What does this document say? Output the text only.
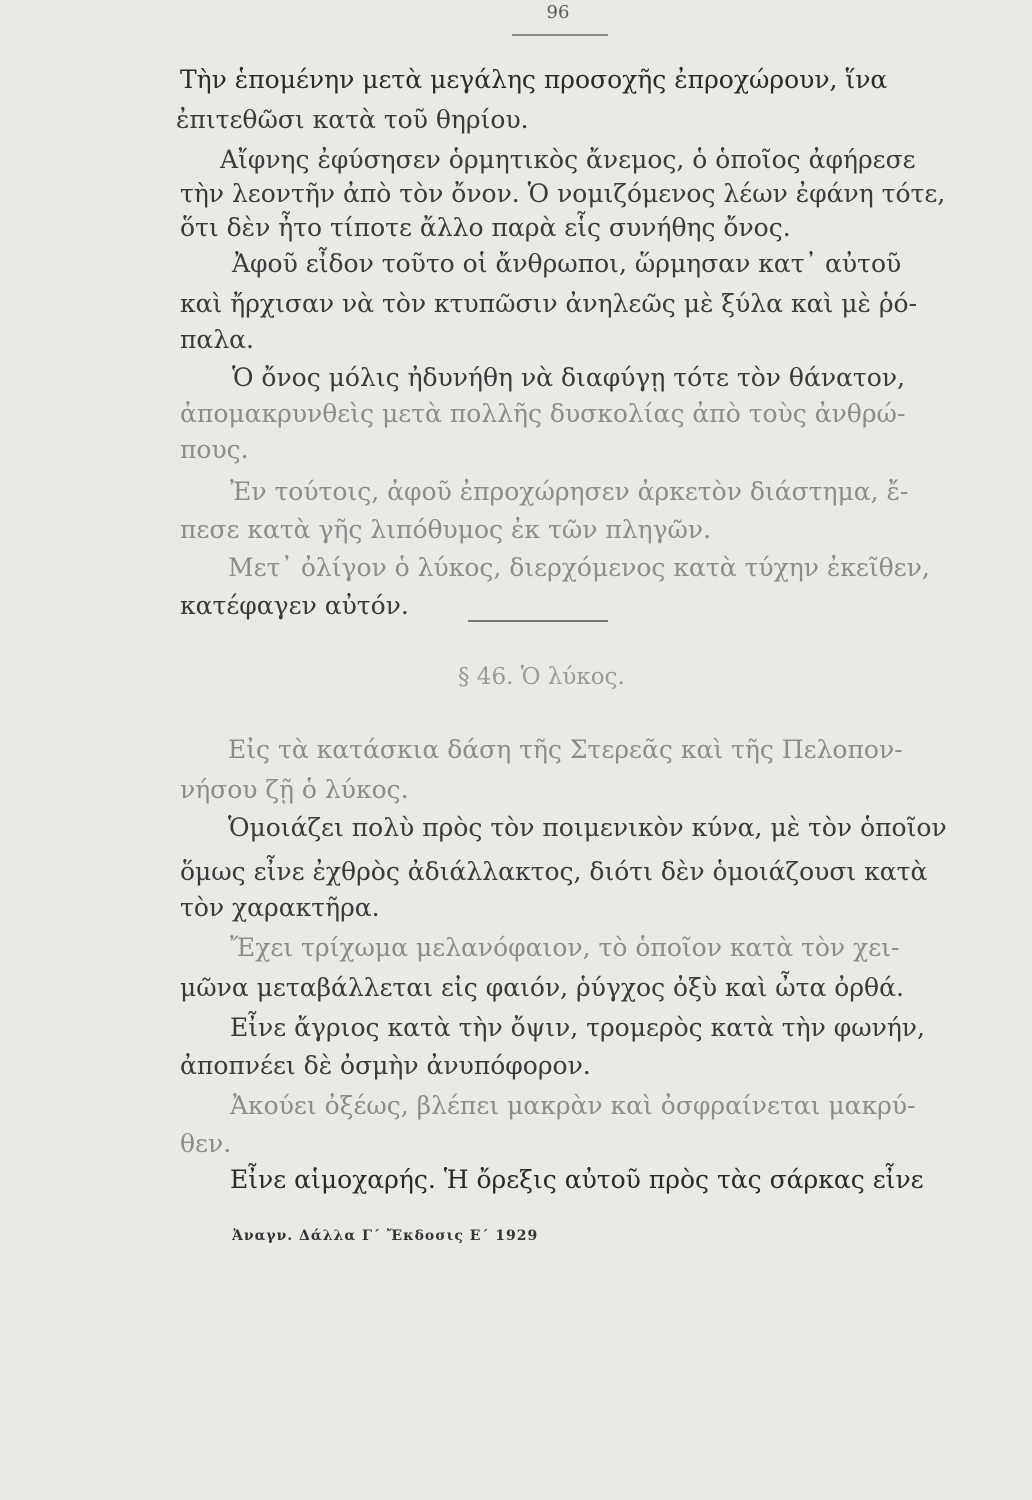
96
Τὴν ἑπομένην μετὰ μεγάλης προσοχῆς ἐπροχώρουν, ἵνα
ἐπιτεθῶσι κατὰ τοῦ θηρίου.
Αἴφνης ἐφύσησεν ὁρμητικὸς ἄνεμος, ὁ ὁποῖος ἀφήρεσε
τὴν λεοντῆν ἀπὸ τὸν ὄνον. Ὁ νομιζόμενος λέων ἐφάνη τότε,
ὅτι δὲν ἦτο τίποτε ἄλλο παρὰ εἷς συνήθης ὄνος.
Ἀφοῦ εἶδον τοῦτο οἱ ἄνθρωποι, ὥρμησαν κατ᾽ αὐτοῦ
καὶ ἤρχισαν νὰ τὸν κτυπῶσιν ἀνηλεῶς μὲ ξύλα καὶ μὲ ῥό-
παλα.
Ὁ ὄνος μόλις ἠδυνήθη νὰ διαφύγῃ τότε τὸν θάνατον,
ἀπομακρυνθεὶς μετὰ πολλῆς δυσκολίας ἀπὸ τοὺς ἀνθρώ-
πους.
Ἐν τούτοις, ἀφοῦ ἐπροχώρησεν ἀρκετὸν διάστημα, ἔ-
πεσε κατὰ γῆς λιπόθυμος ἐκ τῶν πληγῶν.
Μετ᾽ ὀλίγον ὁ λύκος, διερχόμενος κατὰ τύχην ἐκεῖθεν,
κατέφαγεν αὐτόν.
§ 46. Ὁ λύκος.
Εἰς τὰ κατάσκια δάση τῆς Στερεᾶς καὶ τῆς Πελοπον-
νήσου ζῇ ὁ λύκος.
Ὁμοιάζει πολὺ πρὸς τὸν ποιμενικὸν κύνα, μὲ τὸν ὁποῖον
ὅμως εἶνε ἐχθρὸς ἀδιάλλακτος, διότι δὲν ὁμοιάζουσι κατὰ
τὸν χαρακτῆρα.
Ἔχει τρίχωμα μελανόφαιον, τὸ ὁποῖον κατὰ τὸν χει-
μῶνα μεταβάλλεται εἰς φαιόν, ῥύγχος ὀξὺ καὶ ὦτα ὀρθά.
Εἶνε ἄγριος κατὰ τὴν ὄψιν, τρομερὸς κατὰ τὴν φωνήν,
ἀποπνέει δὲ ὀσμὴν ἀνυπόφορον.
Ἀκούει ὀξέως, βλέπει μακρὰν καὶ ὀσφραίνεται μακρύ-
θεν.
Εἶνε αἱμοχαρής. Ἡ ὄρεξις αὐτοῦ πρὸς τὰς σάρκας εἶνε
Ἀναγν. Δάλλα Γ΄ Ἔκδοσις Ε΄ 1929
